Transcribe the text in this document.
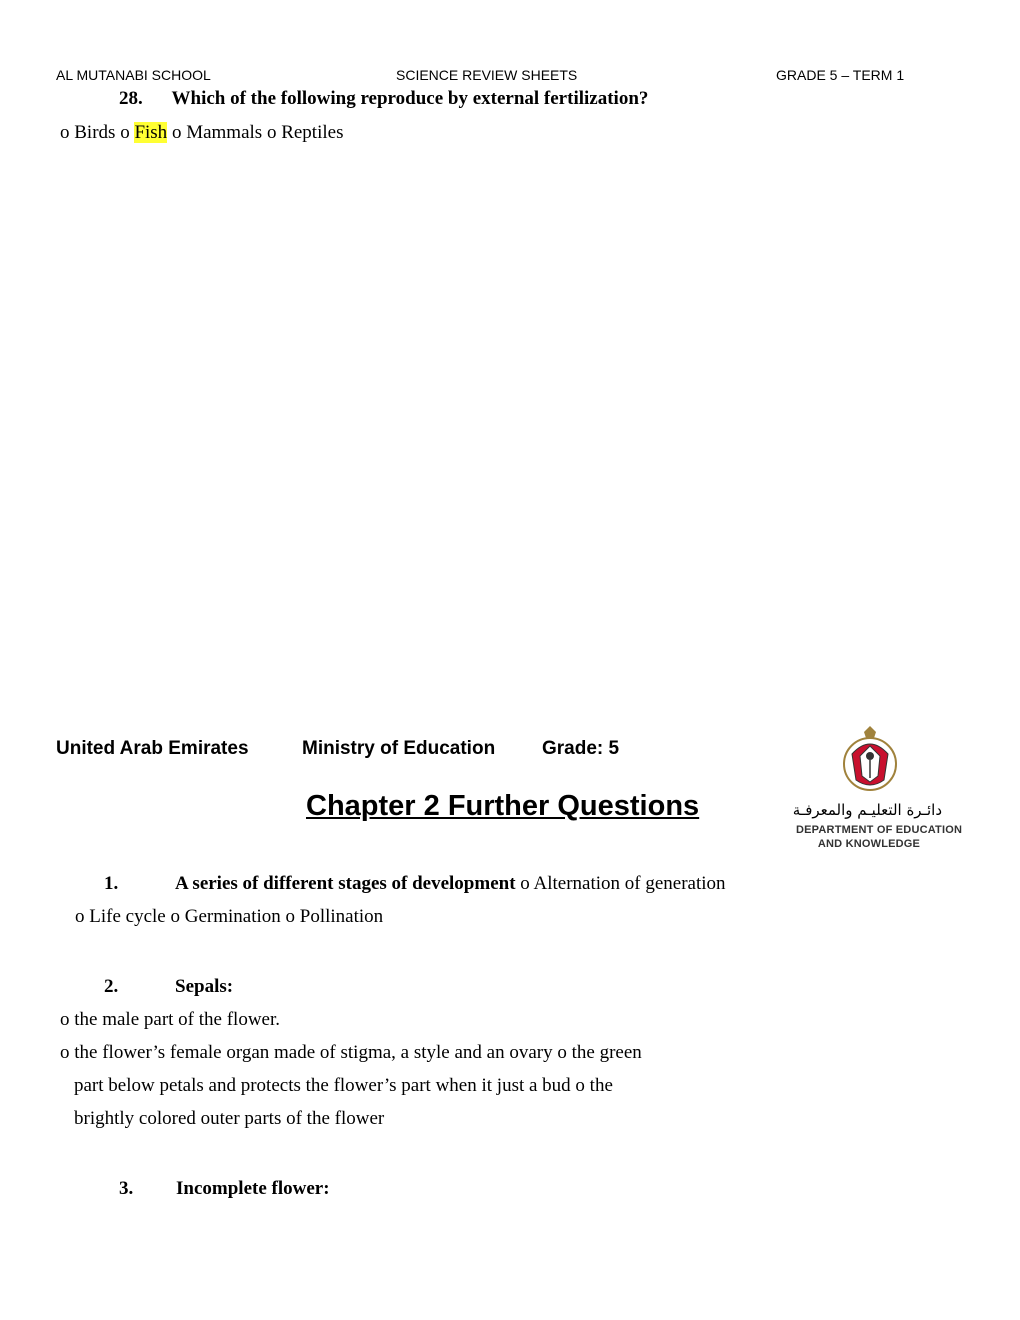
AL MUTANABI SCHOOL	SCIENCE REVIEW SHEETS	GRADE 5 – TERM 1
28. Which of the following reproduce by external fertilization?
o Birds o Fish o Mammals o Reptiles
United Arab Emirates	Ministry of Education Grade: 5
Chapter 2 Further Questions	دائـرة التعليـم والمعرفـة
DEPARTMENT OF EDUCATION
AND KNOWLEDGE
1.	A series of different stages of development o Alternation of generation
o Life cycle o Germination o Pollination
2.	Sepals:
o the male part of the flower.
o the flower’s female organ made of stigma, a style and an ovary o the green
part below petals and protects the flower’s part when it just a bud o the
brightly colored outer parts of the flower
3. Incomplete flower:
